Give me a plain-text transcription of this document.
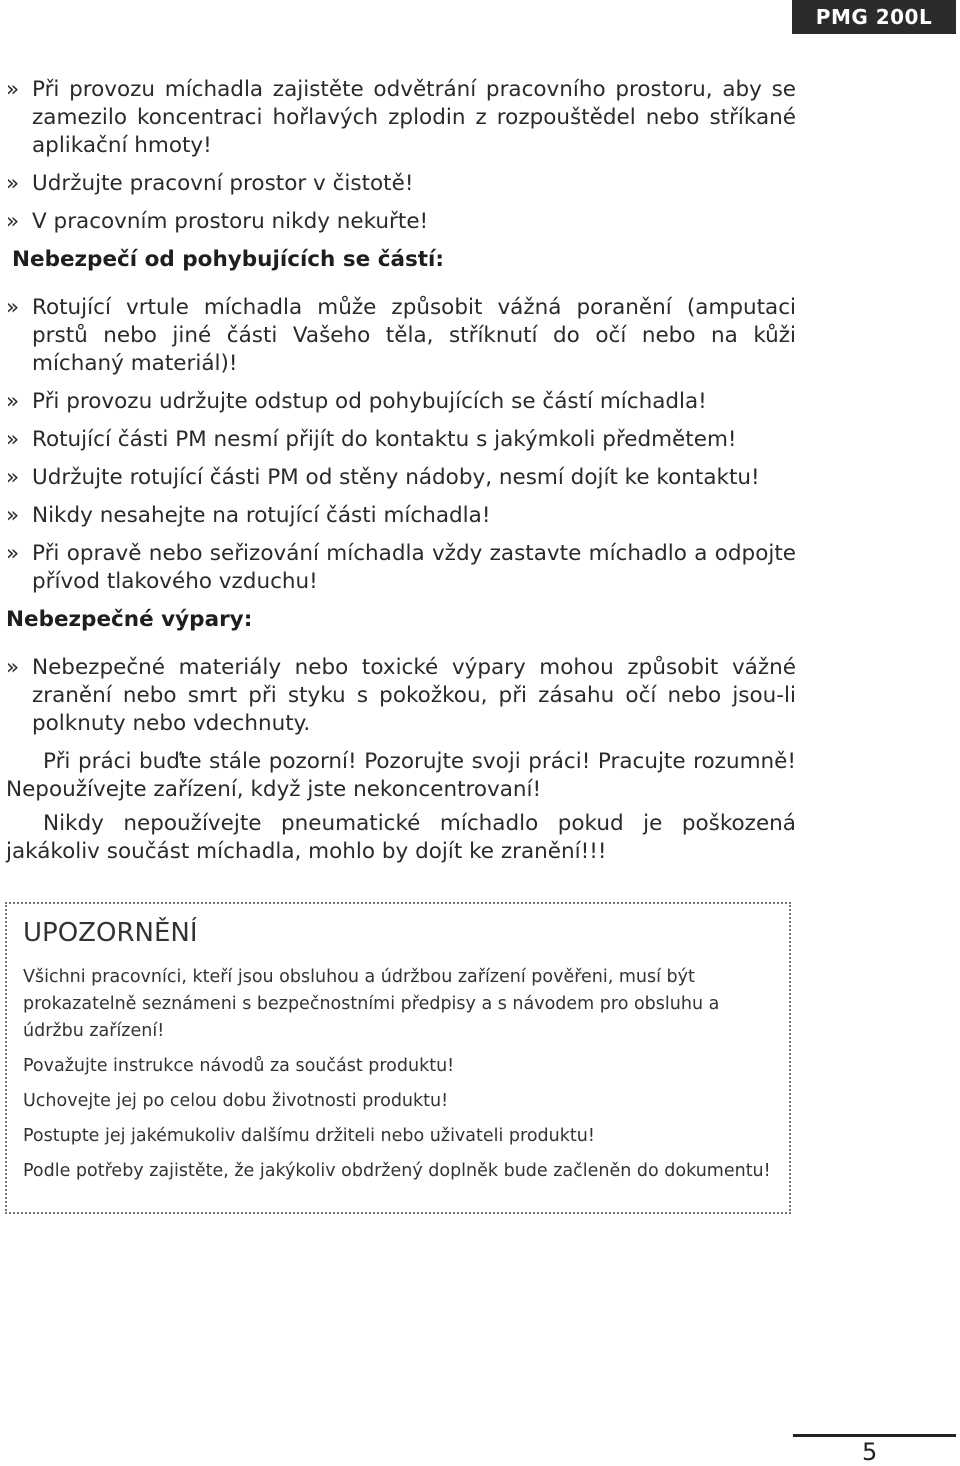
PMG 200L
» Při provozu míchadla zajistěte odvětrání pracovního prostoru, aby se zamezilo koncentraci hořlavých zplodin z rozpouštědel nebo stříkané aplikační hmoty!
» Udržujte pracovní prostor v čistotě!
» V pracovním prostoru nikdy nekuřte!
Nebezpečí od pohybujících se částí:
» Rotující vrtule míchadla může způsobit vážná poranění (amputaci prstů nebo jiné části Vašeho těla, stříknutí do očí nebo na kůži míchaný materiál)!
» Při provozu udržujte odstup od pohybujících se částí míchadla!
» Rotující části PM nesmí přijít do kontaktu s jakýmkoli předmětem!
» Udržujte rotující části PM od stěny nádoby, nesmí dojít ke kontaktu!
» Nikdy nesahejte na rotující části míchadla!
» Při opravě nebo seřizování míchadla vždy zastavte míchadlo a odpojte přívod tlakového vzduchu!
Nebezpečné výpary:
» Nebezpečné materiály nebo toxické výpary mohou způsobit vážné zranění nebo smrt při styku s pokožkou, při zásahu očí nebo jsou-li polknuty nebo vdechnuty.
Při práci buďte stále pozorní! Pozorujte svoji práci! Pracujte rozumně! Nepoužívejte zařízení, když jste nekoncentrovaní!
Nikdy nepoužívejte pneumatické míchadlo pokud je poškozená jakákoliv součást míchadla, mohlo by dojít ke zranění!!!
UPOZORNĚNÍ
Všichni pracovníci, kteří jsou obsluhou a údržbou zařízení pověřeni, musí být prokazatelně seznámeni s bezpečnostními předpisy a s návodem pro obsluhu a údržbu zařízení!
Považujte instrukce návodů za součást produktu!
Uchovejte jej po celou dobu životnosti produktu!
Postupte jej jakémukoliv dalšímu držiteli nebo uživateli produktu!
Podle potřeby zajistěte, že jakýkoliv obdržený doplněk bude začleněn do dokumentu!
5
